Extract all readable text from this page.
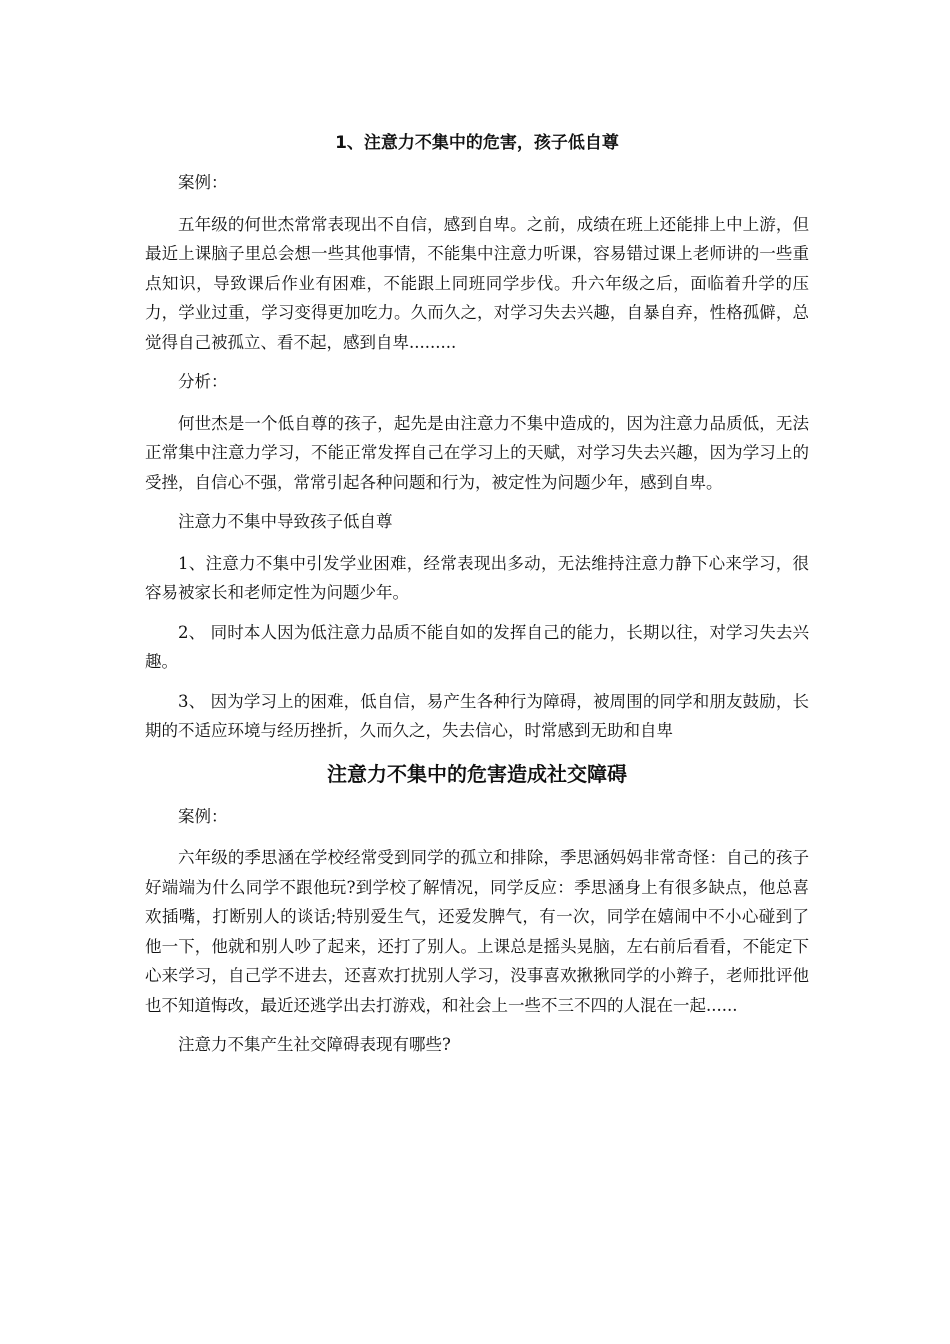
1、注意力不集中的危害，孩子低自尊

案例：

五年级的何世杰常常表现出不自信，感到自卑。之前，成绩在班上还能排上中上游，但最近上课脑子里总会想一些其他事情，不能集中注意力听课，容易错过课上老师讲的一些重点知识，导致课后作业有困难，不能跟上同班同学步伐。升六年级之后，面临着升学的压力，学业过重，学习变得更加吃力。久而久之，对学习失去兴趣，自暴自弃，性格孤僻，总觉得自己被孤立、看不起，感到自卑.........

分析：

何世杰是一个低自尊的孩子，起先是由注意力不集中造成的，因为注意力品质低，无法正常集中注意力学习，不能正常发挥自己在学习上的天赋，对学习失去兴趣，因为学习上的受挫，自信心不强，常常引起各种问题和行为，被定性为问题少年，感到自卑。

注意力不集中导致孩子低自尊

1、注意力不集中引发学业困难，经常表现出多动，无法维持注意力静下心来学习，很容易被家长和老师定性为问题少年。

2、 同时本人因为低注意力品质不能自如的发挥自己的能力，长期以往，对学习失去兴趣。

3、 因为学习上的困难，低自信，易产生各种行为障碍，被周围的同学和朋友鼓励，长期的不适应环境与经历挫折，久而久之，失去信心，时常感到无助和自卑

注意力不集中的危害造成社交障碍

案例：

六年级的季思涵在学校经常受到同学的孤立和排除，季思涵妈妈非常奇怪：自己的孩子好端端为什么同学不跟他玩?到学校了解情况，同学反应：季思涵身上有很多缺点，他总喜欢插嘴，打断别人的谈话;特别爱生气，还爱发脾气，有一次，同学在嬉闹中不小心碰到了他一下，他就和别人吵了起来，还打了别人。上课总是摇头晃脑，左右前后看看，不能定下心来学习，自己学不进去，还喜欢打扰别人学习，没事喜欢揪揪同学的小辫子，老师批评他也不知道悔改，最近还逃学出去打游戏，和社会上一些不三不四的人混在一起......

注意力不集产生社交障碍表现有哪些?
